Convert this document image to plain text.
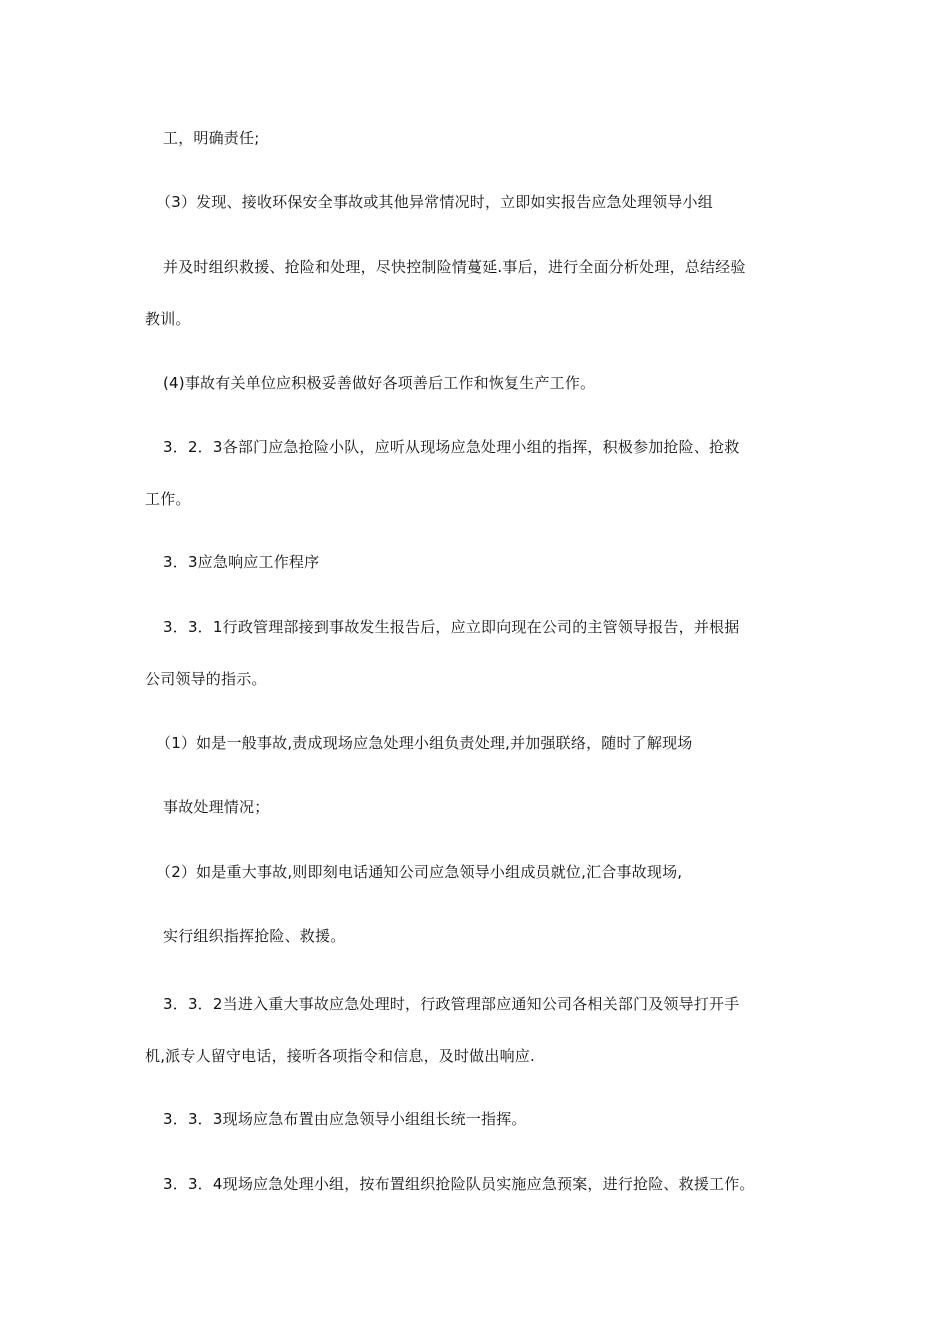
工，明确责任;
（3）发现、接收环保安全事故或其他异常情况时，立即如实报告应急处理领导小组
并及时组织救援、抢险和处理，尽快控制险情蔓延.事后，进行全面分析处理，总结经验
教训。
(4)事故有关单位应积极妥善做好各项善后工作和恢复生产工作。
3．2．3各部门应急抢险小队，应听从现场应急处理小组的指挥，积极参加抢险、抢救
工作。
3．3应急响应工作程序
3．3．1行政管理部接到事故发生报告后，应立即向现在公司的主管领导报告，并根据
公司领导的指示。
（1）如是一般事故,责成现场应急处理小组负责处理,并加强联络，随时了解现场
事故处理情况；
（2）如是重大事故,则即刻电话通知公司应急领导小组成员就位,汇合事故现场,
实行组织指挥抢险、救援。
3．3．2当进入重大事故应急处理时，行政管理部应通知公司各相关部门及领导打开手
机,派专人留守电话，接听各项指令和信息，及时做出响应.
3．3．3现场应急布置由应急领导小组组长统一指挥。
3．3．4现场应急处理小组，按布置组织抢险队员实施应急预案，进行抢险、救援工作。
